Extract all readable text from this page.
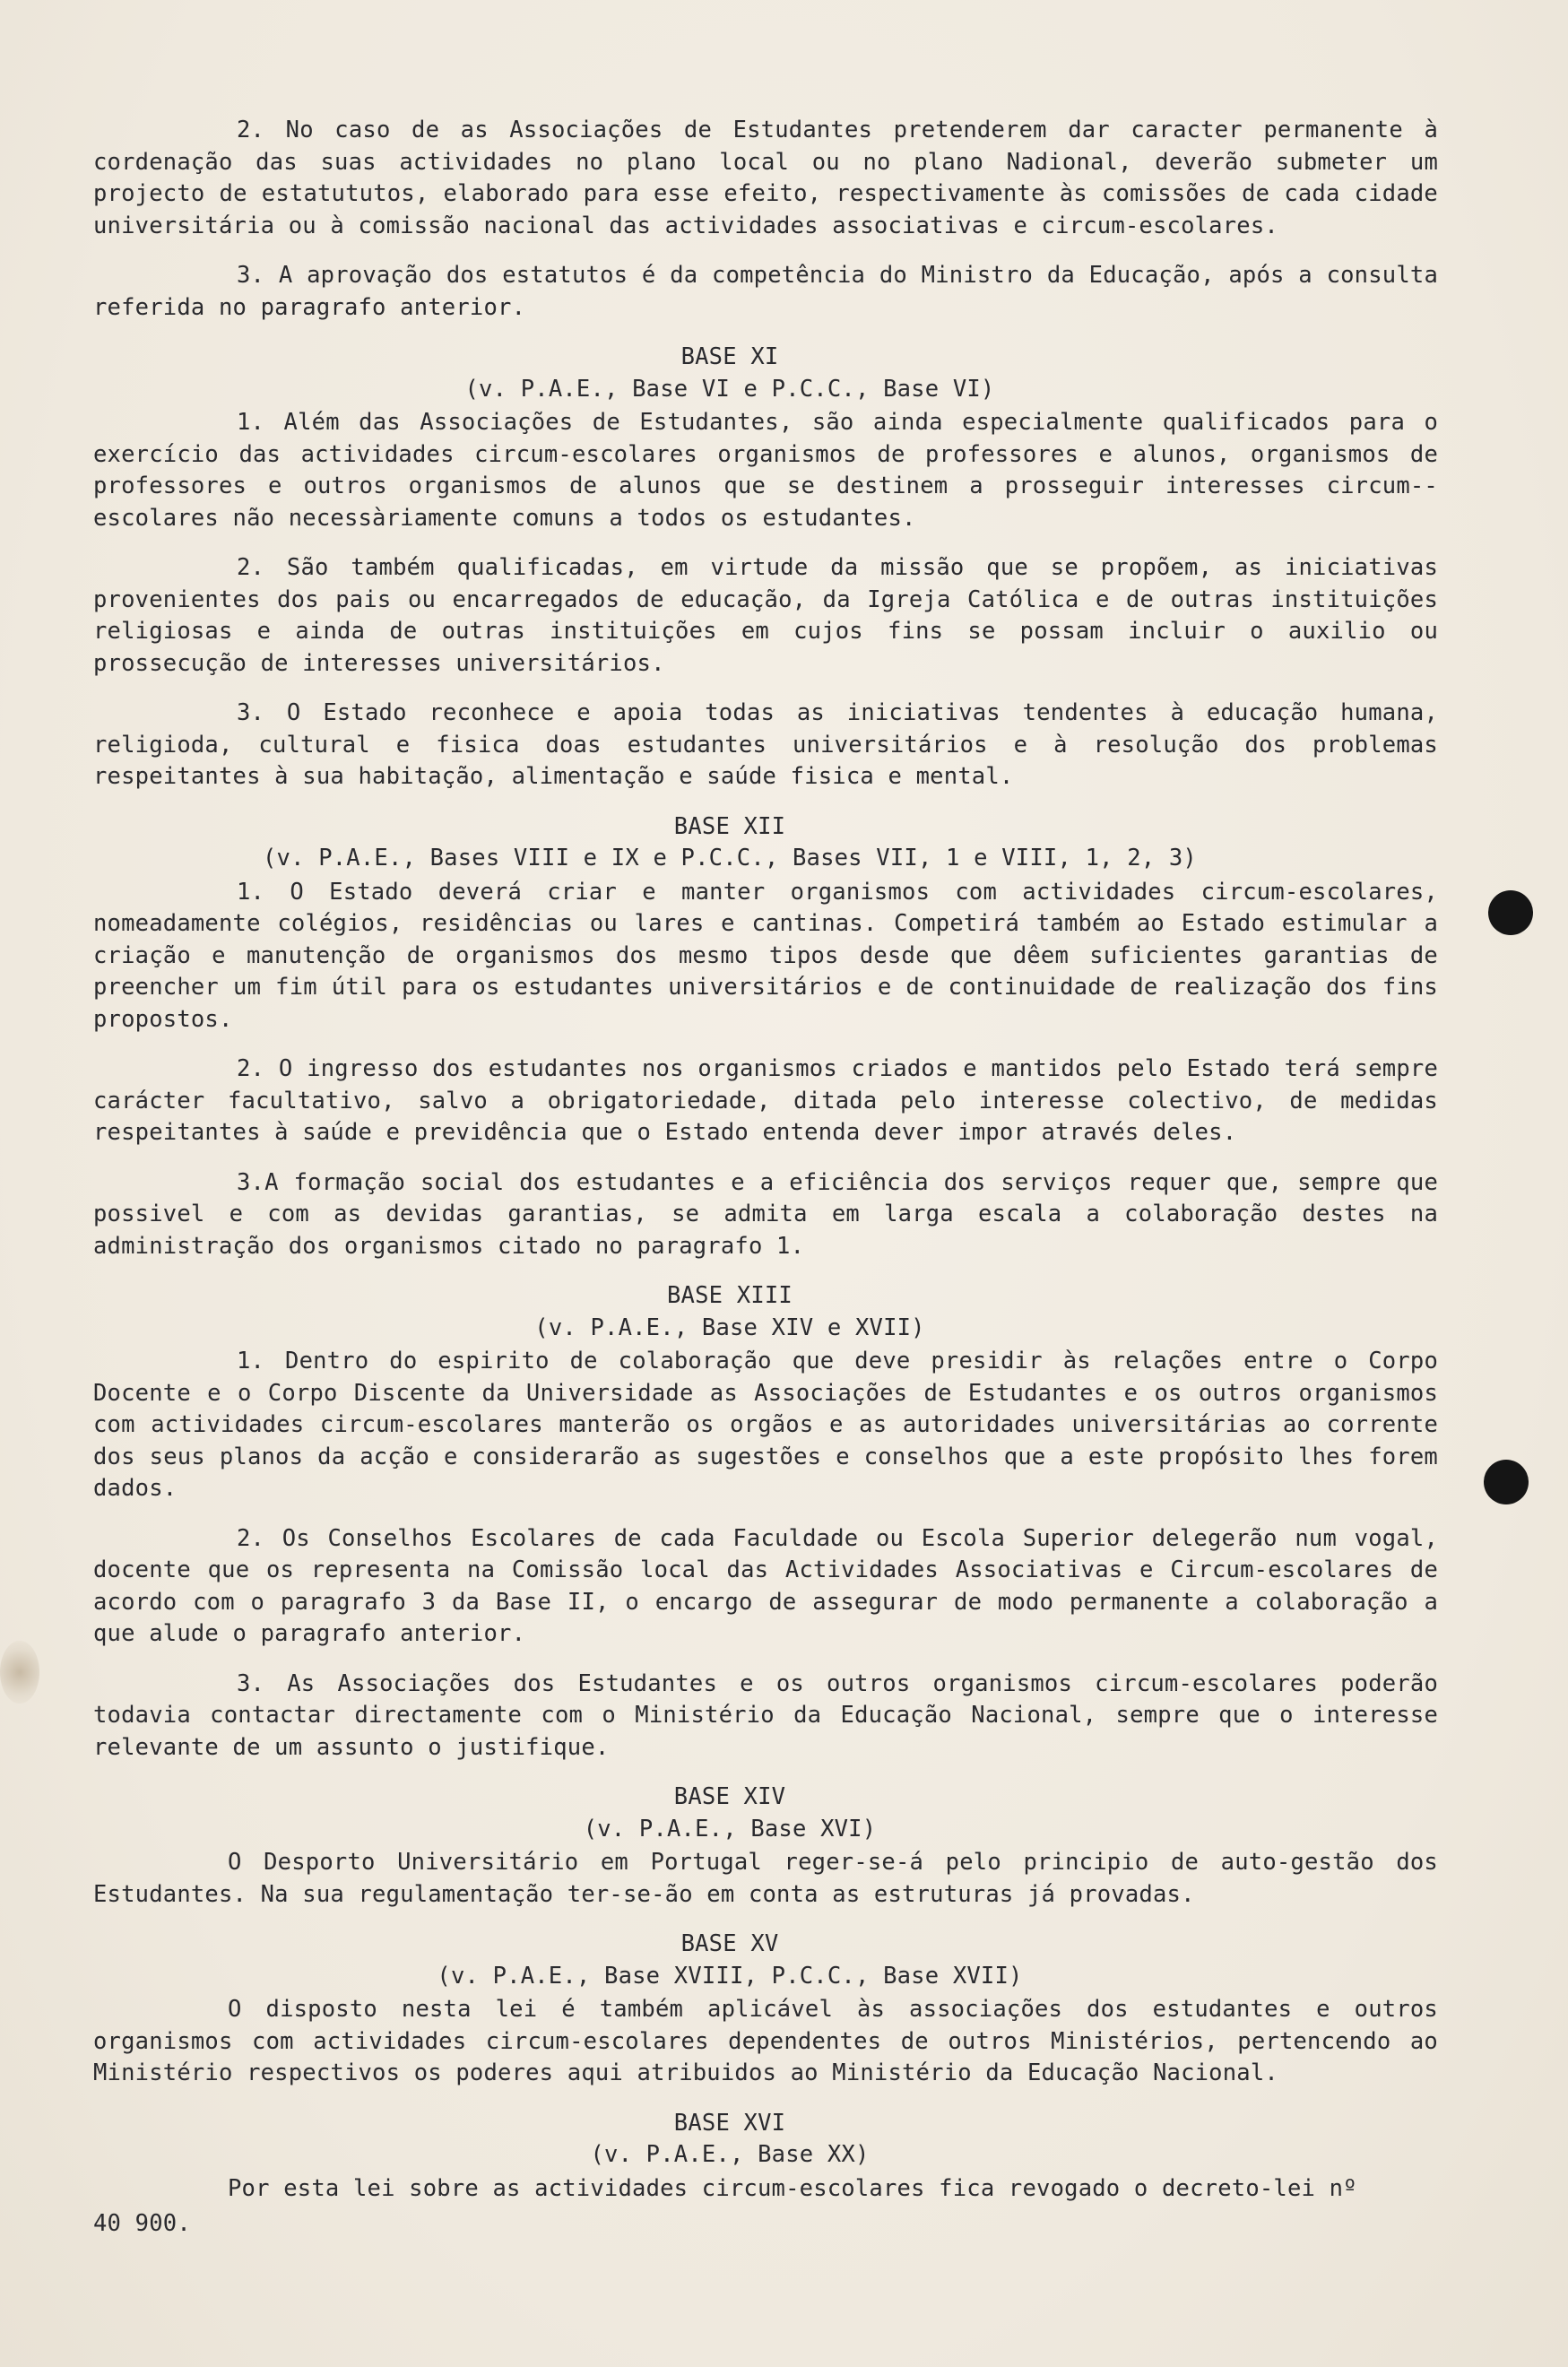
2. No caso de as Associações de Estudantes pretenderem dar caracter permanente à cordenação das suas actividades no plano local ou no plano Nadional, deverão submeter um projecto de estatututos, elaborado para esse efeito, respectivamente às comissões de cada cidade universitária ou à comissão nacional das actividades associativas e circum-escolares.

3. A aprovação dos estatutos é da competência do Ministro da Educação, após a consulta referida no paragrafo anterior.

BASE XI

(v. P.A.E., Base VI e P.C.C., Base VI)

1. Além das Associações de Estudantes, são ainda especialmente qualificados para o exercício das actividades circum-escolares organismos de professores e alunos, organismos de professores e outros organismos de alunos que se destinem a prosseguir interesses circum--escolares não necessàriamente comuns a todos os estudantes.

2. São também qualificadas, em virtude da missão que se propõem, as iniciativas provenientes dos pais ou encarregados de educação, da Igreja Católica e de outras instituições religiosas e ainda de outras instituições em cujos fins se possam incluir o auxilio ou prossecução de interesses universitários.

3. O Estado reconhece e apoia todas as iniciativas tendentes à educação humana, religioda, cultural e fisica doas estudantes universitários e à resolução dos problemas respeitantes à sua habitação, alimentação e saúde fisica e mental.

BASE XII

(v. P.A.E., Bases VIII e IX e P.C.C., Bases VII, 1 e VIII, 1, 2, 3)

1. O Estado deverá criar e manter organismos com actividades circum-escolares, nomeadamente colégios, residências ou lares e cantinas. Competirá também ao Estado estimular a criação e manutenção de organismos dos mesmo tipos desde que dêem suficientes garantias de preencher um fim útil para os estudantes universitários e de continuidade de realização dos fins propostos.

2. O ingresso dos estudantes nos organismos criados e mantidos pelo Estado terá sempre carácter facultativo, salvo a obrigatoriedade, ditada pelo interesse colectivo, de medidas respeitantes à saúde e previdência que o Estado entenda dever impor através deles.

3.A formação social dos estudantes e a eficiência dos serviços requer que, sempre que possivel e com as devidas garantias, se admita em larga escala a colaboração destes na administração dos organismos citado no paragrafo 1.

BASE XIII

(v. P.A.E., Base XIV e XVII)

1. Dentro do espirito de colaboração que deve presidir às relações entre o Corpo Docente e o Corpo Discente da Universidade as Associações de Estudantes e os outros organismos com actividades circum-escolares manterão os orgãos e as autoridades universitárias ao corrente dos seus planos da acção e considerarão as sugestões e conselhos que a este propósito lhes forem dados.

2. Os Conselhos Escolares de cada Faculdade ou Escola Superior delegerão num vogal, docente que os representa na Comissão local das Actividades Associativas e Circum-escolares de acordo com o paragrafo 3 da Base II, o encargo de assegurar de modo permanente a colaboração a que alude o paragrafo anterior.

3. As Associações dos Estudantes e os outros organismos circum-escolares poderão todavia contactar directamente com o Ministério da Educação Nacional, sempre que o interesse relevante de um assunto o justifique.

BASE XIV

(v. P.A.E., Base XVI)

O Desporto Universitário em Portugal reger-se-á pelo principio de auto-gestão dos Estudantes. Na sua regulamentação ter-se-ão em conta as estruturas já provadas.

BASE XV

(v. P.A.E., Base XVIII, P.C.C., Base XVII)

O disposto nesta lei é também aplicável às associações dos estudantes e outros organismos com actividades circum-escolares dependentes de outros Ministérios, pertencendo ao Ministério respectivos os poderes aqui atribuidos ao Ministério da Educação Nacional.

BASE XVI

(v. P.A.E., Base XX)

Por esta lei sobre as actividades circum-escolares fica revogado o decreto-lei nº

40 900.
